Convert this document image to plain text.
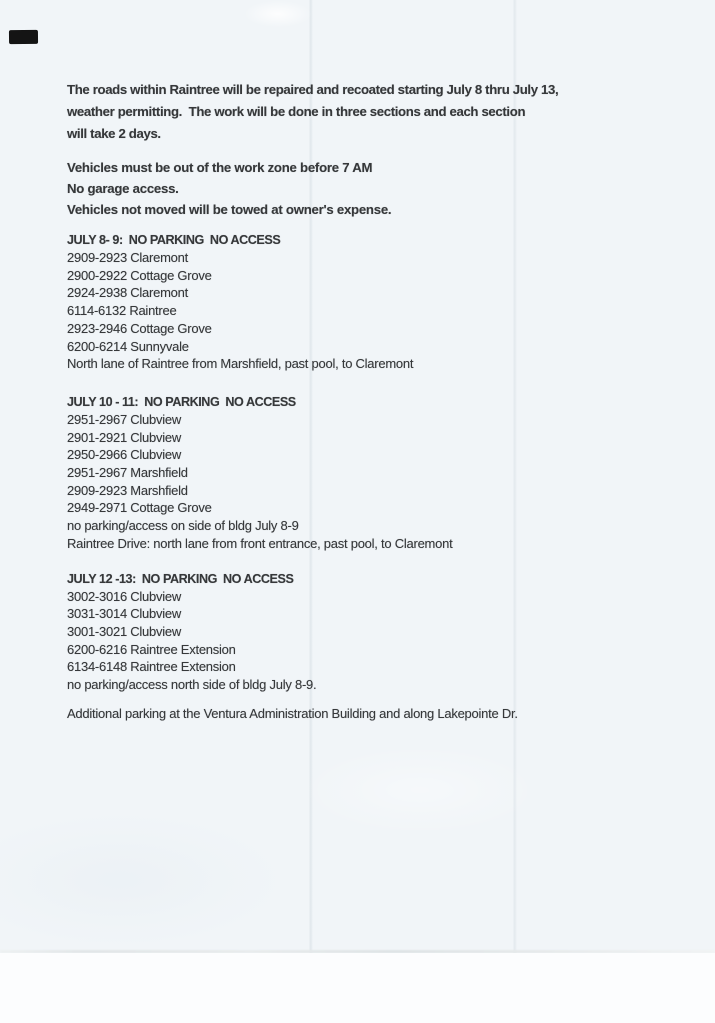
The roads within Raintree will be repaired and recoated starting July 8 thru July 13,
weather permitting.  The work will be done in three sections and each section
will take 2 days.
Vehicles must be out of the work zone before 7 AM
No garage access.
Vehicles not moved will be towed at owner's expense.
JULY 8- 9:  NO PARKING  NO ACCESS
2909-2923 Claremont
2900-2922 Cottage Grove
2924-2938 Claremont
6114-6132 Raintree
2923-2946 Cottage Grove
6200-6214 Sunnyvale
North lane of Raintree from Marshfield, past pool, to Claremont
JULY 10 - 11:  NO PARKING  NO ACCESS
2951-2967 Clubview
2901-2921 Clubview
2950-2966 Clubview
2951-2967 Marshfield
2909-2923 Marshfield
2949-2971 Cottage Grove
no parking/access on side of bldg July 8-9
Raintree Drive: north lane from front entrance, past pool, to Claremont
JULY 12 -13:  NO PARKING  NO ACCESS
3002-3016 Clubview
3031-3014 Clubview
3001-3021 Clubview
6200-6216 Raintree Extension
6134-6148 Raintree Extension
no parking/access north side of bldg July 8-9.

Additional parking at the Ventura Administration Building and along Lakepointe Dr.
